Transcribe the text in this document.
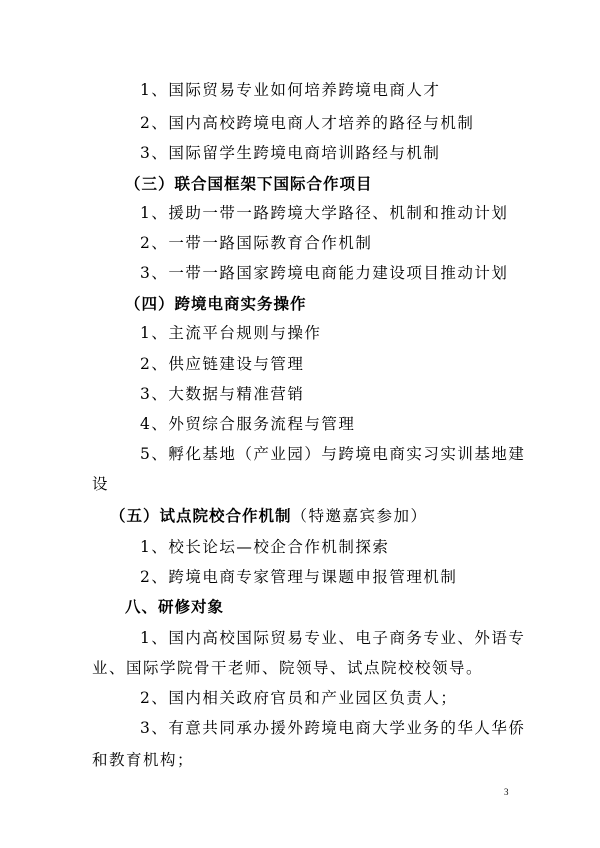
1、国际贸易专业如何培养跨境电商人才
2、国内高校跨境电商人才培养的路径与机制
3、国际留学生跨境电商培训路经与机制
（三）联合国框架下国际合作项目
1、援助一带一路跨境大学路径、机制和推动计划
2、一带一路国际教育合作机制
3、一带一路国家跨境电商能力建设项目推动计划
（四）跨境电商实务操作
1、主流平台规则与操作
2、供应链建设与管理
3、大数据与精准营销
4、外贸综合服务流程与管理
5、孵化基地（产业园）与跨境电商实习实训基地建
设
（五）试点院校合作机制（特邀嘉宾参加）
1、校长论坛—校企合作机制探索
2、跨境电商专家管理与课题申报管理机制
八、研修对象
1、国内高校国际贸易专业、电子商务专业、外语专
业、国际学院骨干老师、院领导、试点院校校领导。
2、国内相关政府官员和产业园区负责人；
3、有意共同承办援外跨境电商大学业务的华人华侨
和教育机构；
3
